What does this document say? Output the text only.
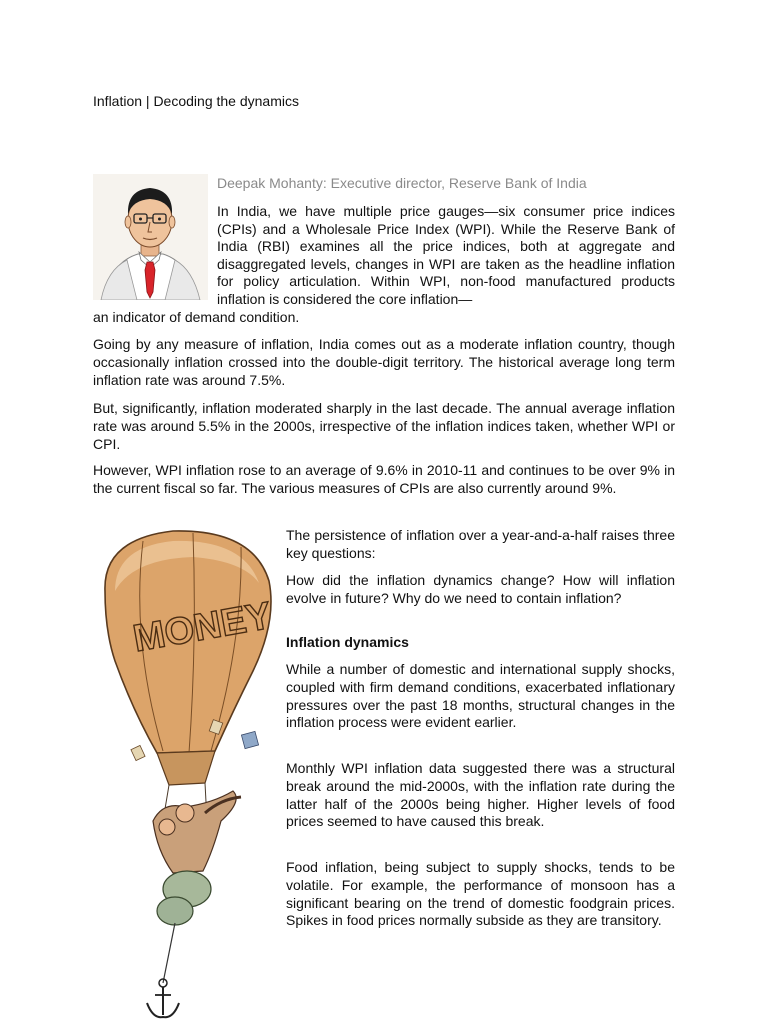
Inflation | Decoding the dynamics
Deepak Mohanty: Executive director, Reserve Bank of India

In India, we have multiple price gauges—six consumer price indices (CPIs) and a Wholesale Price Index (WPI). While the Reserve Bank of India (RBI) examines all the price indices, both at aggregate and disaggregated levels, changes in WPI are taken as the headline inflation for policy articulation. Within WPI, non-food manufactured products inflation is considered the core inflation—

an indicator of demand condition.

Going by any measure of inflation, India comes out as a moderate inflation country, though occasionally inflation crossed into the double-digit territory. The historical average long term inflation rate was around 7.5%.

But, significantly, inflation moderated sharply in the last decade. The annual average inflation rate was around 5.5% in the 2000s, irrespective of the inflation indices taken, whether WPI or CPI.

However, WPI inflation rose to an average of 9.6% in 2010-11 and continues to be over 9% in the current fiscal so far. The various measures of CPIs are also currently around 9%.

MONEY

The persistence of inflation over a year-and-a-half raises three key questions:

How did the inflation dynamics change? How will inflation evolve in future? Why do we need to contain inflation?

Inflation dynamics

While a number of domestic and international supply shocks, coupled with firm demand conditions, exacerbated inflationary pressures over the past 18 months, structural changes in the inflation process were evident earlier.

Monthly WPI inflation data suggested there was a structural break around the mid-2000s, with the inflation rate during the latter half of the 2000s being higher. Higher levels of food prices seemed to have caused this break.

Food inflation, being subject to supply shocks, tends to be volatile. For example, the performance of monsoon has a significant bearing on the trend of domestic foodgrain prices. Spikes in food prices normally subside as they are transitory.
